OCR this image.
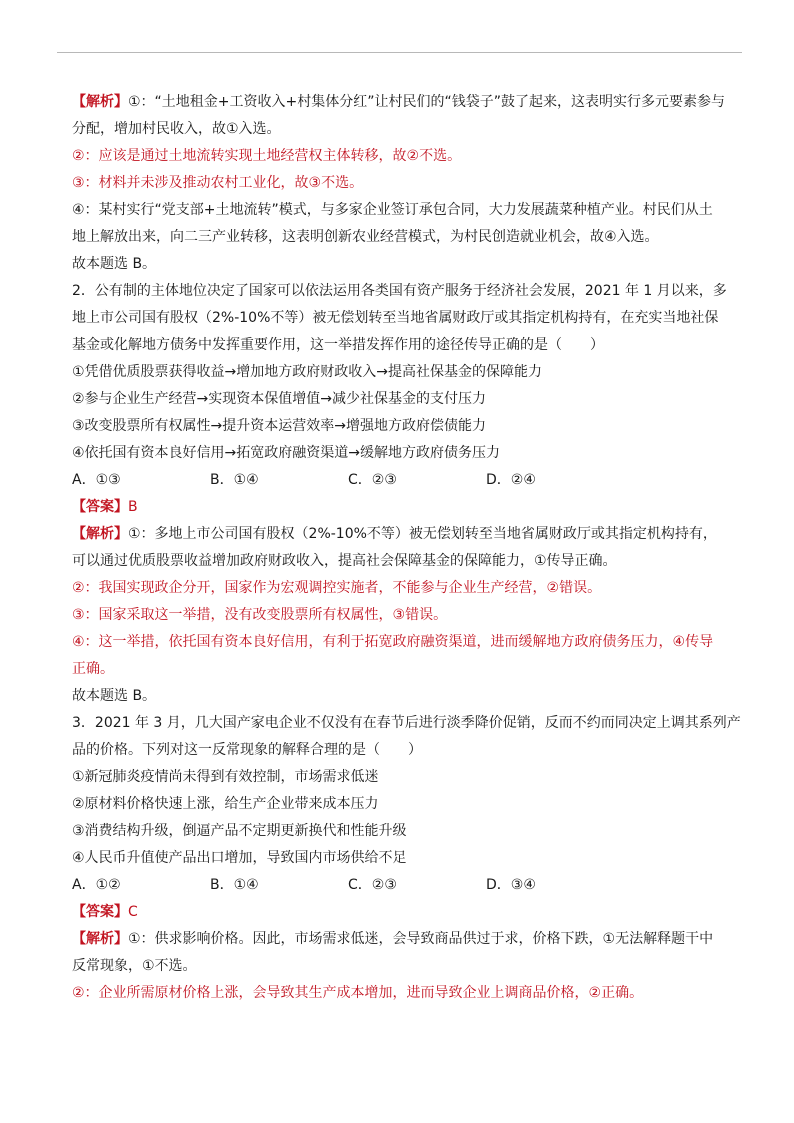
【解析】①：“土地租金+工资收入+村集体分红”让村民们的“钱袋子”鼓了起来，这表明实行多元要素参与
分配，增加村民收入，故①入选。
②：应该是通过土地流转实现土地经营权主体转移，故②不选。
③：材料并未涉及推动农村工业化，故③不选。
④：某村实行“党支部+土地流转”模式，与多家企业签订承包合同，大力发展蔬菜种植产业。村民们从土
地上解放出来，向二三产业转移，这表明创新农业经营模式，为村民创造就业机会，故④入选。
故本题选 B。
2．公有制的主体地位决定了国家可以依法运用各类国有资产服务于经济社会发展，2021 年 1 月以来，多
地上市公司国有股权（2%-10%不等）被无偿划转至当地省属财政厅或其指定机构持有，在充实当地社保
基金或化解地方债务中发挥重要作用，这一举措发挥作用的途径传导正确的是（　　）
①凭借优质股票获得收益→增加地方政府财政收入→提高社保基金的保障能力
②参与企业生产经营→实现资本保值增值→减少社保基金的支付压力
③改变股票所有权属性→提升资本运营效率→增强地方政府偿债能力
④依托国有资本良好信用→拓宽政府融资渠道→缓解地方政府债务压力
A．①③	B．①④	C．②③	D．②④
【答案】B
【解析】①：多地上市公司国有股权（2%-10%不等）被无偿划转至当地省属财政厅或其指定机构持有，
可以通过优质股票收益增加政府财政收入，提高社会保障基金的保障能力，①传导正确。
②：我国实现政企分开，国家作为宏观调控实施者，不能参与企业生产经营，②错误。
③：国家采取这一举措，没有改变股票所有权属性，③错误。
④：这一举措，依托国有资本良好信用，有利于拓宽政府融资渠道，进而缓解地方政府债务压力，④传导
正确。
故本题选 B。
3．2021 年 3 月，几大国产家电企业不仅没有在春节后进行淡季降价促销，反而不约而同决定上调其系列产
品的价格。下列对这一反常现象的解释合理的是（　　）
①新冠肺炎疫情尚未得到有效控制，市场需求低迷
②原材料价格快速上涨，给生产企业带来成本压力
③消费结构升级，倒逼产品不定期更新换代和性能升级
④人民币升值使产品出口增加，导致国内市场供给不足
A．①②	B．①④	C．②③	D．③④
【答案】C
【解析】①：供求影响价格。因此，市场需求低迷，会导致商品供过于求，价格下跌，①无法解释题干中
反常现象，①不选。
②：企业所需原材价格上涨，会导致其生产成本增加，进而导致企业上调商品价格，②正确。
